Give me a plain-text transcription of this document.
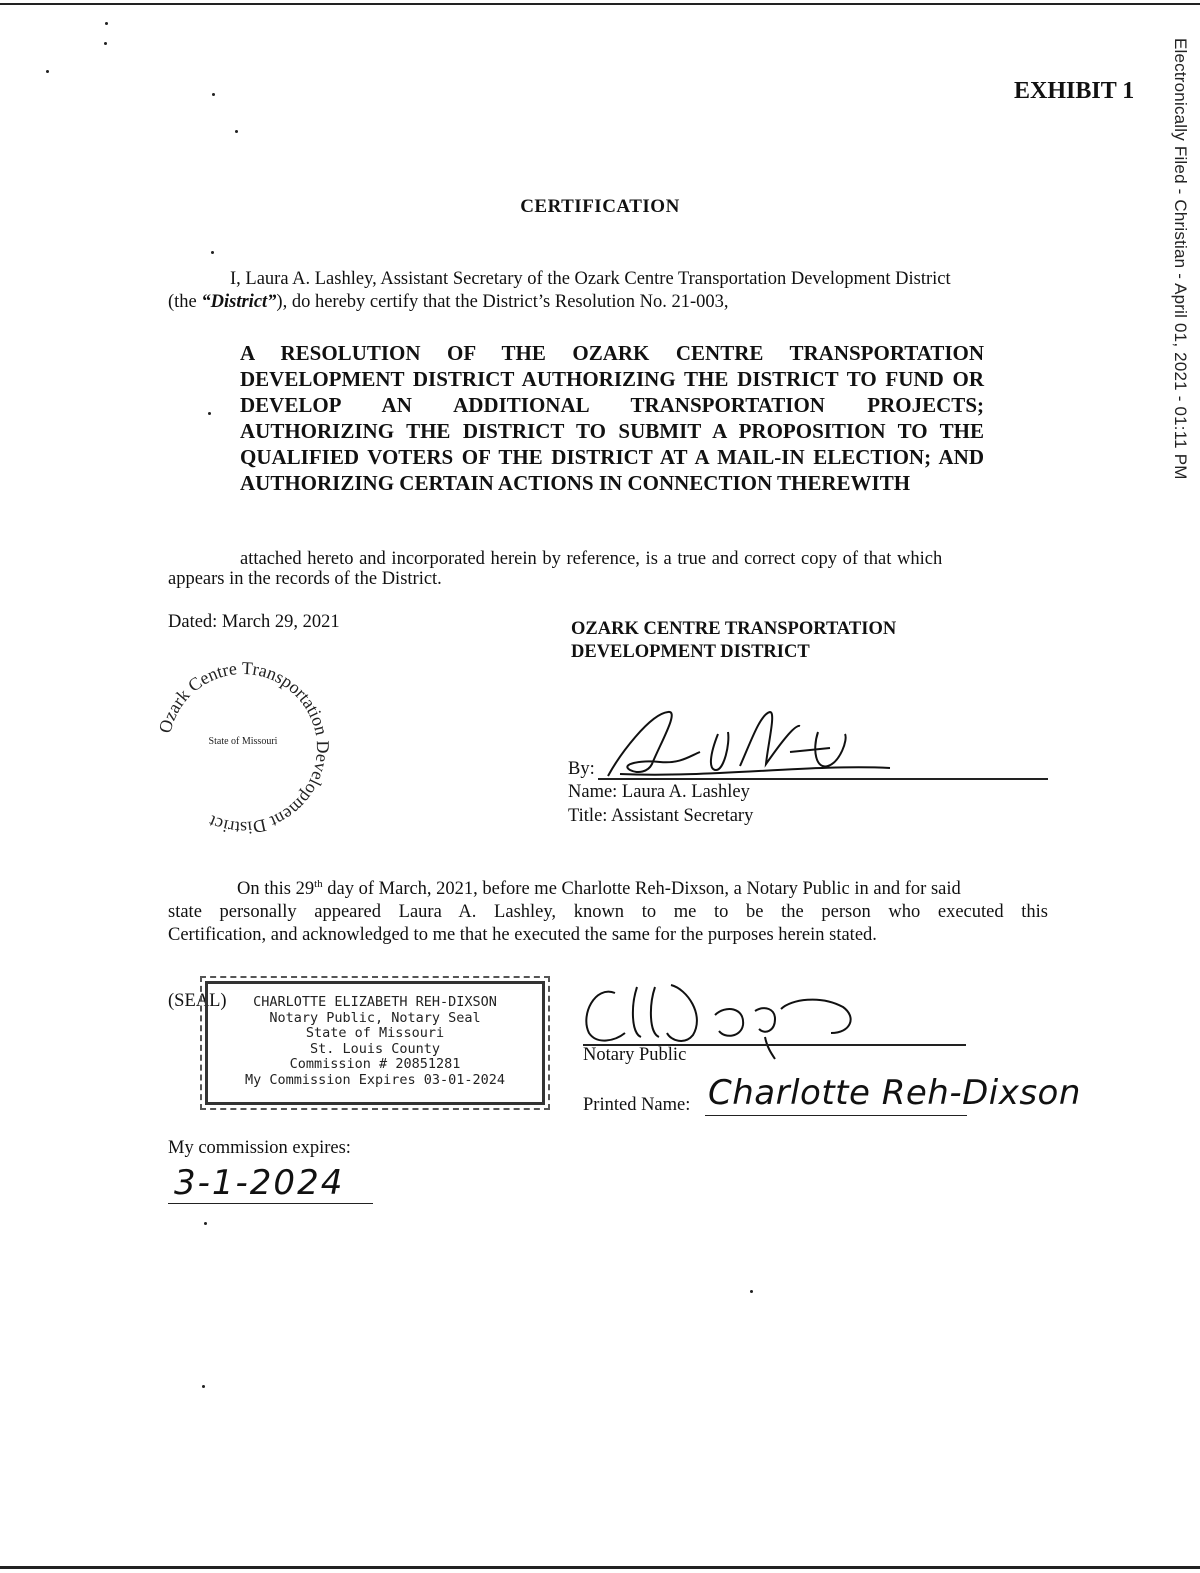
Electronically Filed - Christian - April 01, 2021 - 01:11 PM
EXHIBIT 1
CERTIFICATION
I, Laura A. Lashley, Assistant Secretary of the Ozark Centre Transportation Development District
(the “District”), do hereby certify that the District’s Resolution No. 21-003,
A RESOLUTION OF THE OZARK CENTRE TRANSPORTATION DEVELOPMENT DISTRICT AUTHORIZING THE DISTRICT TO FUND OR DEVELOP AN ADDITIONAL TRANSPORTATION PROJECTS; AUTHORIZING THE DISTRICT TO SUBMIT A PROPOSITION TO THE QUALIFIED VOTERS OF THE DISTRICT AT A MAIL-IN ELECTION; AND AUTHORIZING CERTAIN ACTIONS IN CONNECTION THEREWITH
attached hereto and incorporated herein by reference, is a true and correct copy of that which
appears in the records of the District.
Dated: March 29, 2021	OZARK CENTRE TRANSPORTATION
DEVELOPMENT DISTRICT
Ozark Centre Transportation Development District
State of Missouri
By:
Name: Laura A. Lashley
Title: Assistant Secretary
On this 29th day of March, 2021, before me Charlotte Reh-Dixson, a Notary Public in and for said
state personally appeared Laura A. Lashley, known to me to be the person who executed this
Certification, and acknowledged to me that he executed the same for the purposes herein stated.
(SEAL)	CHARLOTTE ELIZABETH REH-DIXSON
Notary Public, Notary Seal
State of Missouri
St. Louis County
Commission # 20851281
My Commission Expires 03-01-2024
Notary Public
Printed Name: Charlotte Reh-Dixson
My commission expires:
3-1-2024
